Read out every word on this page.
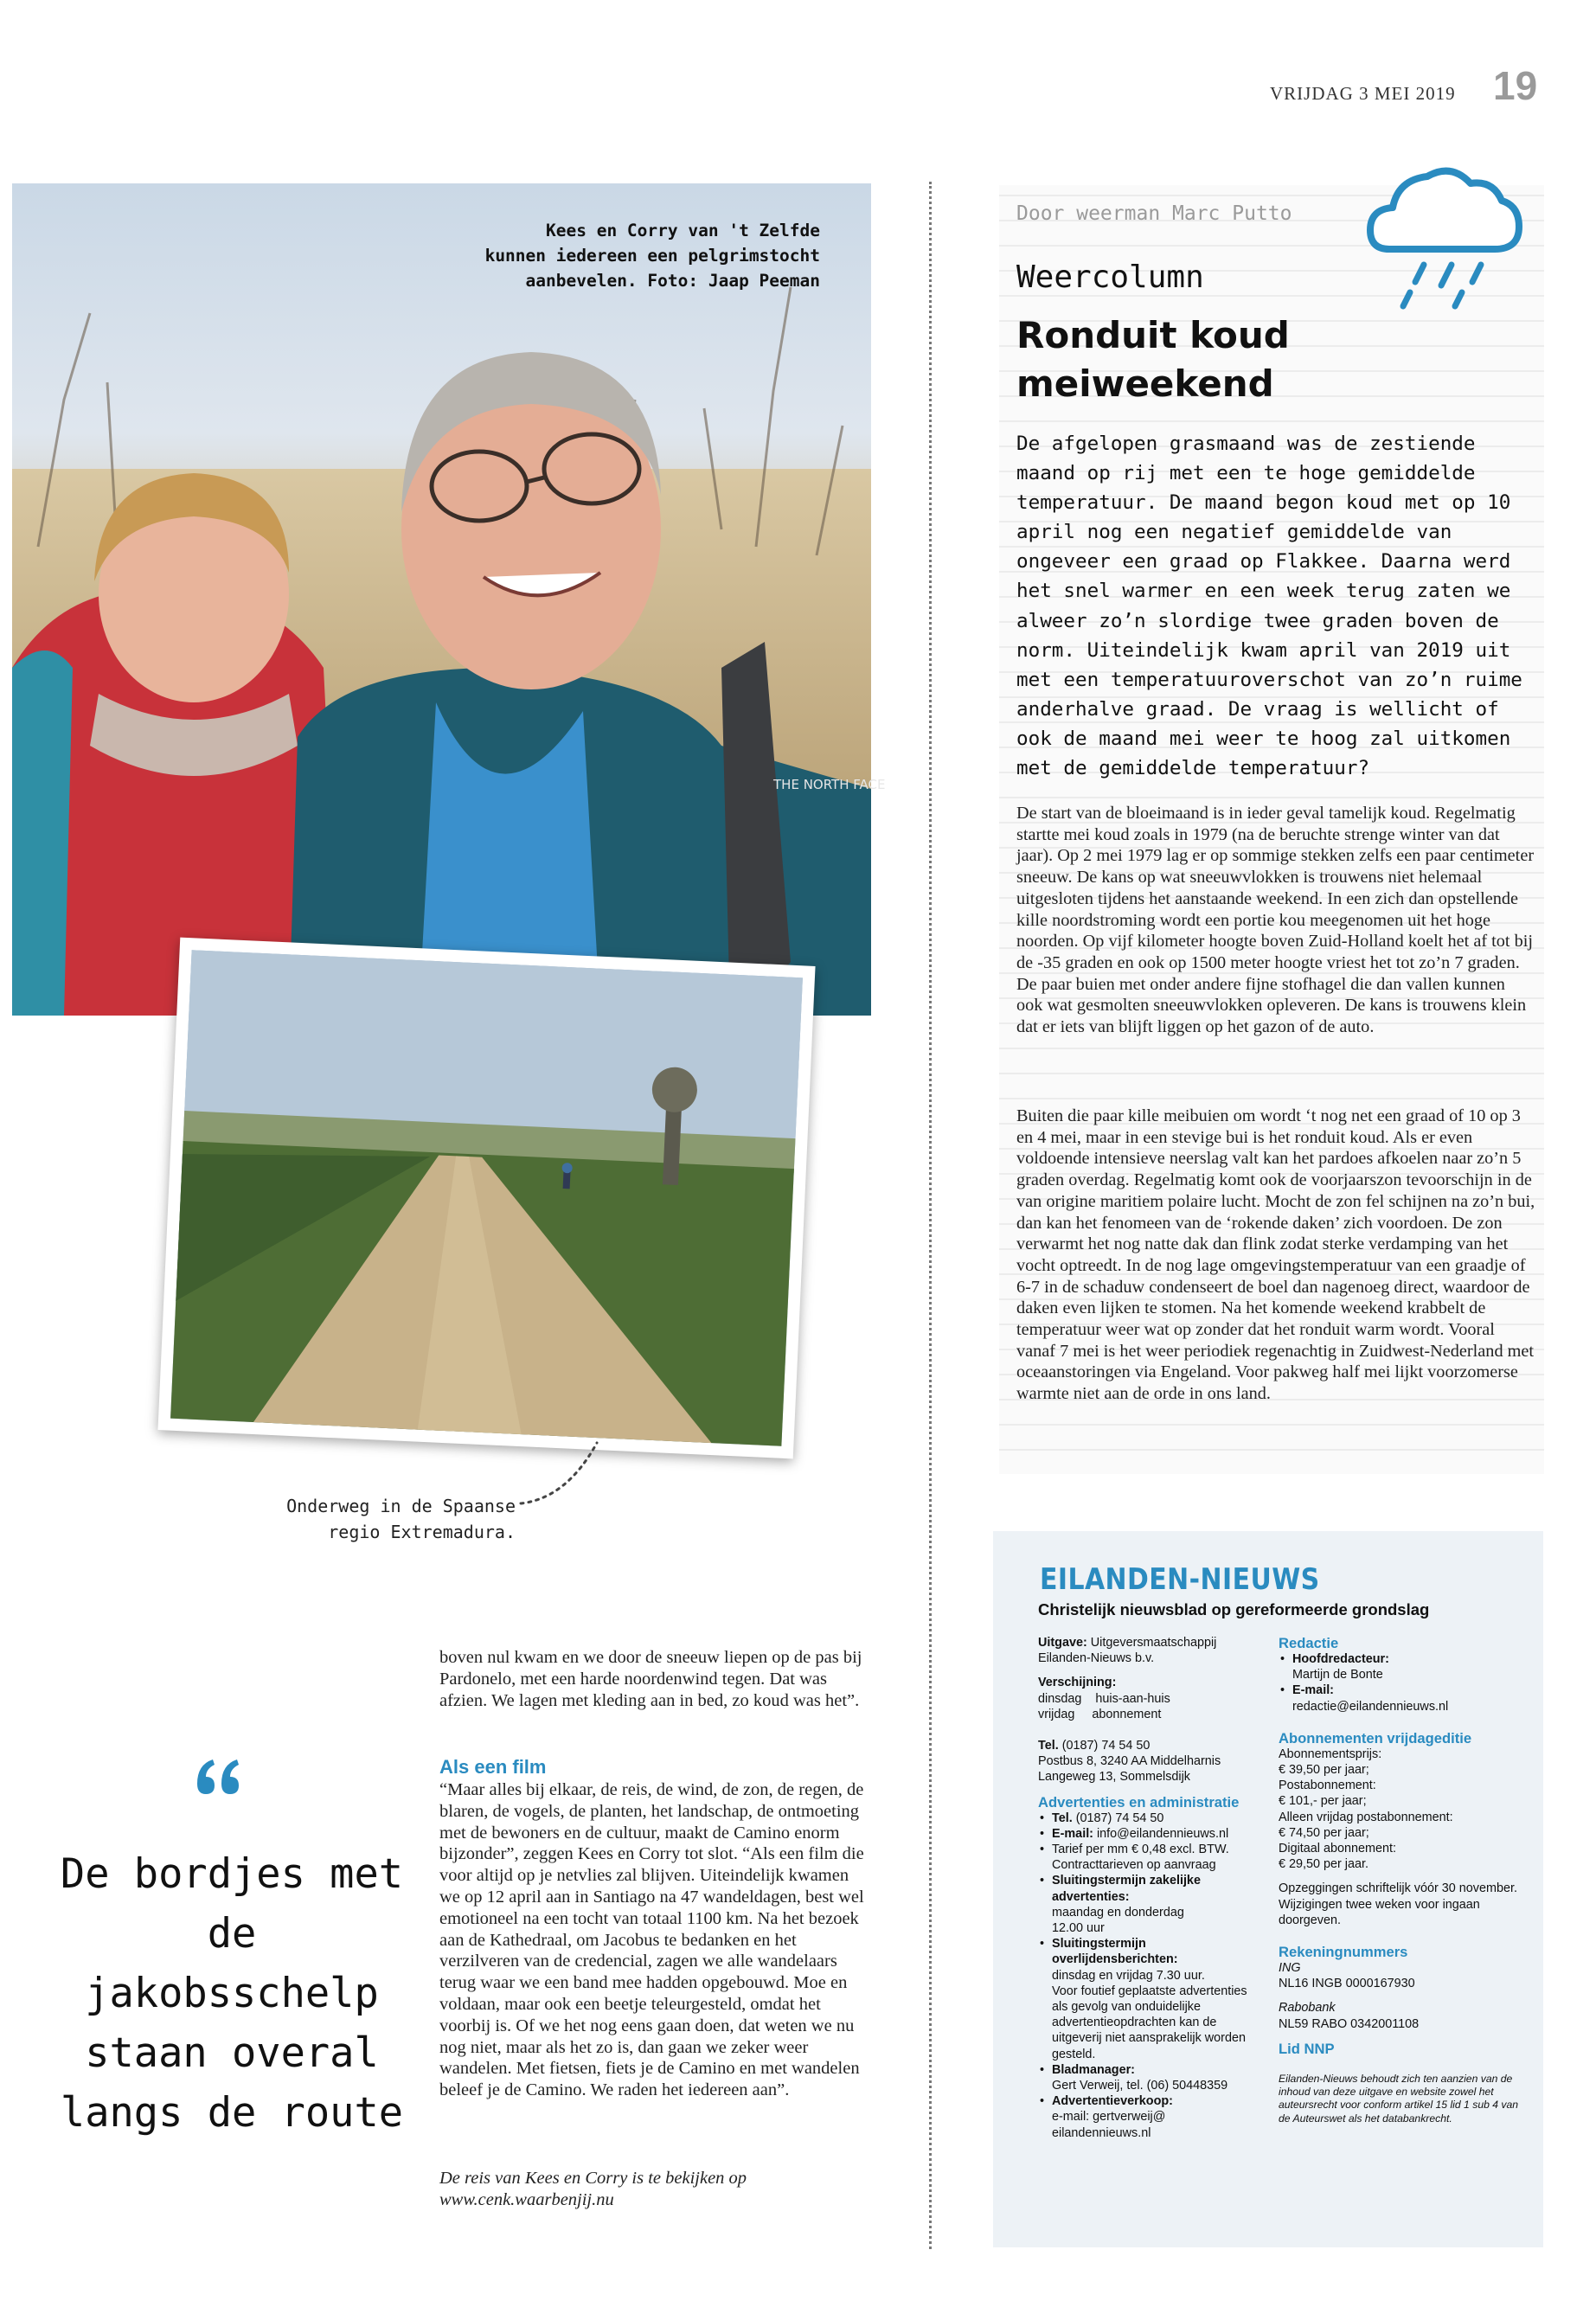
VRIJDAG 3 MEI 2019 19
THE NORTH FACE
Kees en Corry van 't Zelfde kunnen iedereen een pelgrimstocht aanbevelen. Foto: Jaap Peeman
Onderweg in de Spaanse regio Extremadura.
Door weerman Marc Putto
Weercolumn
Ronduit koud meiweekend
De afgelopen grasmaand was de zestiende maand op rij met een te hoge gemiddelde temperatuur. De maand begon koud met op 10 april nog een negatief gemiddelde van ongeveer een graad op Flakkee. Daarna werd het snel warmer en een week terug zaten we alweer zo’n slordige twee graden boven de norm. Uiteindelijk kwam april van 2019 uit met een temperatuuroverschot van zo’n ruime anderhalve graad. De vraag is wellicht of ook de maand mei weer te hoog zal uitkomen met de gemiddelde temperatuur?
De start van de bloeimaand is in ieder geval tamelijk koud. Regelmatig startte mei koud zoals in 1979 (na de beruchte strenge winter van dat jaar). Op 2 mei 1979 lag er op sommige stekken zelfs een paar centimeter sneeuw. De kans op wat sneeuwvlokken is trouwens niet helemaal uitgesloten tijdens het aanstaande weekend. In een zich dan opstellende kille noordstroming wordt een portie kou meegenomen uit het hoge noorden. Op vijf kilometer hoogte boven Zuid-Holland koelt het af tot bij de -35 graden en ook op 1500 meter hoogte vriest het tot zo’n 7 graden. De paar buien met onder andere fijne stofhagel die dan vallen kunnen ook wat gesmolten sneeuwvlokken opleveren. De kans is trouwens klein dat er iets van blijft liggen op het gazon of de auto.
Buiten die paar kille meibuien om wordt ‘t nog net een graad of 10 op 3 en 4 mei, maar in een stevige bui is het ronduit koud. Als er even voldoende intensieve neerslag valt kan het pardoes afkoelen naar zo’n 5 graden overdag. Regelmatig komt ook de voorjaarszon tevoorschijn in de van origine maritiem polaire lucht. Mocht de zon fel schijnen na zo’n bui, dan kan het fenomeen van de ‘rokende daken’ zich voordoen. De zon verwarmt het nog natte dak dan flink zodat sterke verdamping van het vocht optreedt. In de nog lage omgevingstemperatuur van een graadje of 6-7 in de schaduw condenseert de boel dan nagenoeg direct, waardoor de daken even lijken te stomen. Na het komende weekend krabbelt de temperatuur weer wat op zonder dat het ronduit warm wordt. Vooral vanaf 7 mei is het weer periodiek regenachtig in Zuidwest-Nederland met oceaanstoringen via Engeland. Voor pakweg half mei lijkt voorzomerse warmte niet aan de orde in ons land.
De bordjes met de jakobsschelp staan overal langs de route
boven nul kwam en we door de sneeuw liepen op de pas bij Pardonelo, met een harde noordenwind tegen. Dat was afzien. We lagen met kleding aan in bed, zo koud was het”.
Als een film
“Maar alles bij elkaar, de reis, de wind, de zon, de regen, de blaren, de vogels, de planten, het landschap, de ontmoeting met de bewoners en de cultuur, maakt de Camino enorm bijzonder”, zeggen Kees en Corry tot slot. “Als een film die voor altijd op je netvlies zal blijven. Uiteindelijk kwamen we op 12 april aan in Santiago na 47 wandeldagen, best wel emotioneel na een tocht van totaal 1100 km. Na het bezoek aan de Kathedraal, om Jacobus te bedanken en het verzilveren van de credencial, zagen we alle wandelaars terug waar we een band mee hadden opgebouwd. Moe en voldaan, maar ook een beetje teleurgesteld, omdat het voorbij is. Of we het nog eens gaan doen, dat weten we nu nog niet, maar als het zo is, dan gaan we zeker weer wandelen. Met fietsen, fiets je de Camino en met wandelen beleef je de Camino. We raden het iedereen aan”.
De reis van Kees en Corry is te bekijken op www.cenk.waarbenjij.nu
EILANDEN-NIEUWS
Christelijk nieuwsblad op gereformeerde grondslag

Uitgave: Uitgeversmaatschappij Eilanden-Nieuws b.v.

Verschijning:

dinsdag    huis-aan-huis

vrijdag     abonnement

Tel. (0187) 74 54 50

Postbus 8, 3240 AA Middelharnis

Langeweg 13, Sommelsdijk

Advertenties en administratie

• Tel. (0187) 74 54 50
• E-mail: info@eilandennieuws.nl
• Tarief per mm € 0,48 excl. BTW.
Contracttarieven op aanvraag
• Sluitingstermijn zakelijke advertenties:
maandag en donderdag
12.00 uur
• Sluitingstermijn overlijdensberichten:
dinsdag en vrijdag 7.30 uur.
Voor foutief geplaatste advertenties als gevolg van onduidelijke advertentieopdrachten kan de uitgeverij niet aansprakelijk worden gesteld.
• Bladmanager:
Gert Verweij, tel. (06) 50448359
• Advertentieverkoop:
e-mail: gertverweij@ eilandennieuws.nl

Redactie

• Hoofdredacteur:
Martijn de Bonte
• E-mail:
redactie@eilandennieuws.nl

Abonnementen vrijdageditie

Abonnementsprijs:

€ 39,50 per jaar;

Postabonnement:

€ 101,- per jaar;

Alleen vrijdag postabonnement:

€ 74,50 per jaar;

Digitaal abonnement:

€ 29,50 per jaar.

Opzeggingen schriftelijk vóór 30 november. Wijzigingen twee weken voor ingaan doorgeven.

Rekeningnummers

ING

NL16 INGB 0000167930

Rabobank

NL59 RABO 0342001108

Lid NNP

Eilanden-Nieuws behoudt zich ten aanzien van de inhoud van deze uitgave en website zowel het auteursrecht voor conform artikel 15 lid 1 sub 4 van de Auteurswet als het databankrecht.
